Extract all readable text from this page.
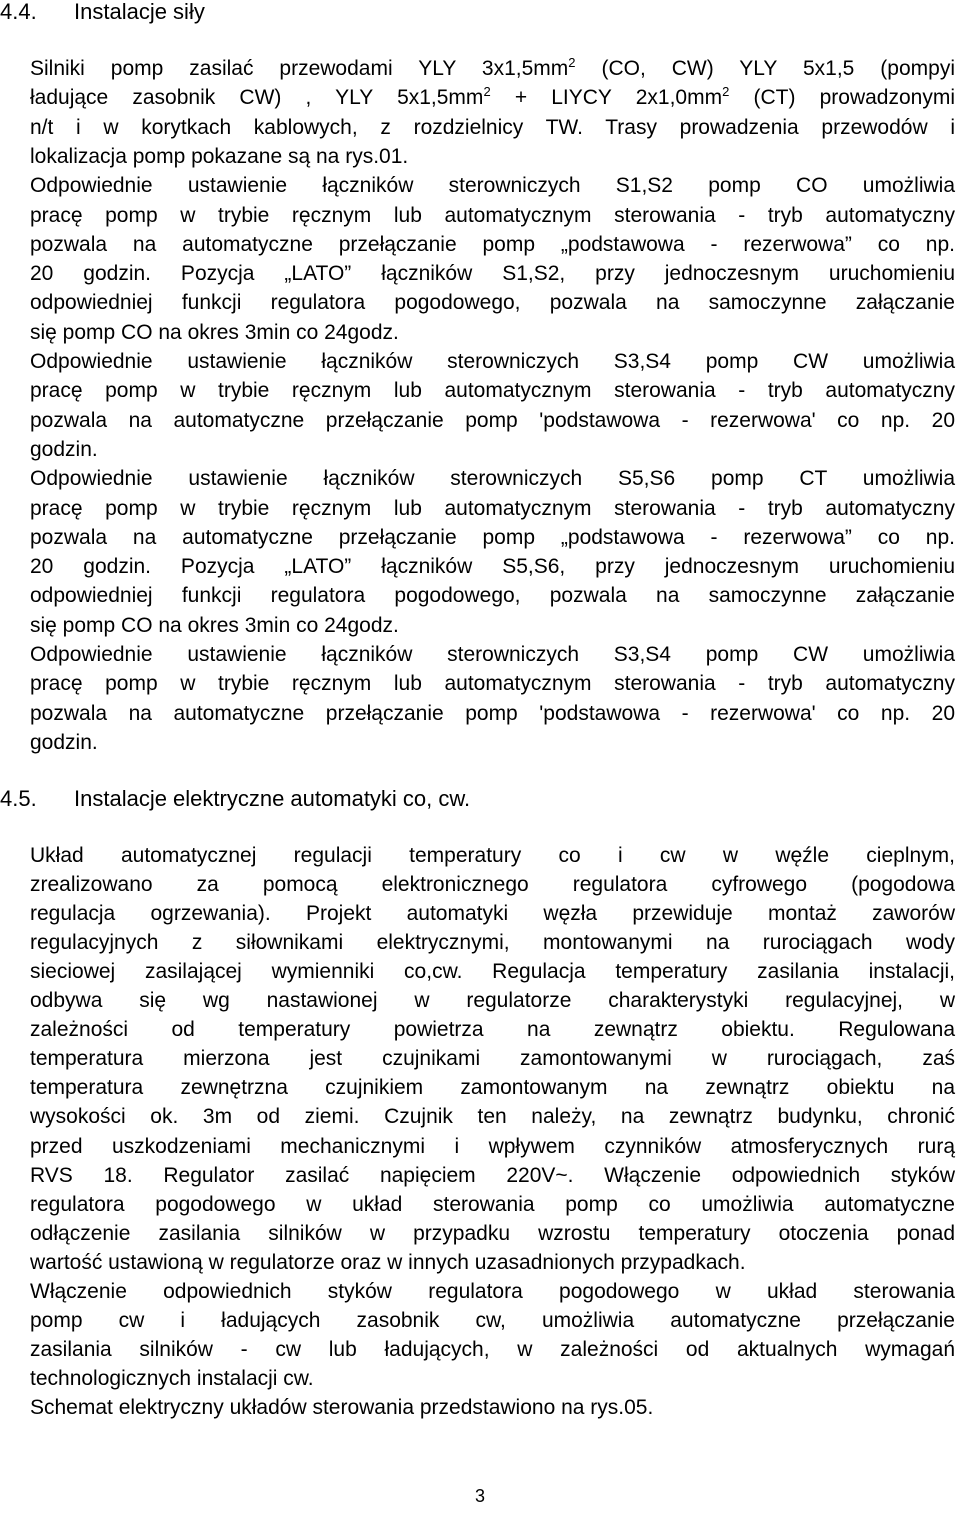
4.4. Instalacje siły
Silniki pomp zasilać przewodami YLY $3x1,5mm^2$ (CO, CW) YLY 5x1,5 (pompyi
ładujące zasobnik CW) , YLY $5x1,5mm^2$ + LIYCY $2x1,0mm^2$ (CT) prowadzonymi
n/t i w korytkach kablowych, z rozdzielnicy TW. Trasy prowadzenia przewodów i
lokalizacja pomp pokazane są na rys.01.
Odpowiednie ustawienie łączników sterowniczych S1,S2 pomp CO umożliwia
pracę pomp w trybie ręcznym lub automatycznym sterowania - tryb automatyczny
pozwala na automatyczne przełączanie pomp „podstawowa - rezerwowa” co np.
20 godzin. Pozycja „LATO” łączników S1,S2, przy jednoczesnym uruchomieniu
odpowiedniej funkcji regulatora pogodowego, pozwala na samoczynne załączanie
się pomp CO na okres 3min co 24godz.
Odpowiednie ustawienie łączników sterowniczych S3,S4 pomp CW umożliwia
pracę pomp w trybie ręcznym lub automatycznym sterowania - tryb automatyczny
pozwala na automatyczne przełączanie pomp 'podstawowa - rezerwowa' co np. 20
godzin.
Odpowiednie ustawienie łączników sterowniczych S5,S6 pomp CT umożliwia
pracę pomp w trybie ręcznym lub automatycznym sterowania - tryb automatyczny
pozwala na automatyczne przełączanie pomp „podstawowa - rezerwowa” co np.
20 godzin. Pozycja „LATO” łączników S5,S6, przy jednoczesnym uruchomieniu
odpowiedniej funkcji regulatora pogodowego, pozwala na samoczynne załączanie
się pomp CO na okres 3min co 24godz.
Odpowiednie ustawienie łączników sterowniczych S3,S4 pomp CW umożliwia
pracę pomp w trybie ręcznym lub automatycznym sterowania - tryb automatyczny
pozwala na automatyczne przełączanie pomp 'podstawowa - rezerwowa' co np. 20
godzin.
4.5. Instalacje elektryczne automatyki co, cw.
Układ automatycznej regulacji temperatury co i cw w węźle cieplnym,
zrealizowano za pomocą elektronicznego regulatora cyfrowego (pogodowa
regulacja ogrzewania). Projekt automatyki węzła przewiduje montaż zaworów
regulacyjnych z siłownikami elektrycznymi, montowanymi na rurociągach wody
sieciowej zasilającej wymienniki co,cw. Regulacja temperatury zasilania instalacji,
odbywa się wg nastawionej w regulatorze charakterystyki regulacyjnej, w
zależności od temperatury powietrza na zewnątrz obiektu. Regulowana
temperatura mierzona jest czujnikami zamontowanymi w rurociągach, zaś
temperatura zewnętrzna czujnikiem zamontowanym na zewnątrz obiektu na
wysokości ok. 3m od ziemi. Czujnik ten należy, na zewnątrz budynku, chronić
przed uszkodzeniami mechanicznymi i wpływem czynników atmosferycznych rurą
RVS 18. Regulator zasilać napięciem 220V~. Włączenie odpowiednich styków
regulatora pogodowego w układ sterowania pomp co umożliwia automatyczne
odłączenie zasilania silników w przypadku wzrostu temperatury otoczenia ponad
wartość ustawioną w regulatorze oraz w innych uzasadnionych przypadkach.
Włączenie odpowiednich styków regulatora pogodowego w układ sterowania
pomp cw i ładujących zasobnik cw, umożliwia automatyczne przełączanie
zasilania silników - cw lub ładujących, w zależności od aktualnych wymagań
technologicznych instalacji cw.
Schemat elektryczny układów sterowania przedstawiono na rys.05.
3
